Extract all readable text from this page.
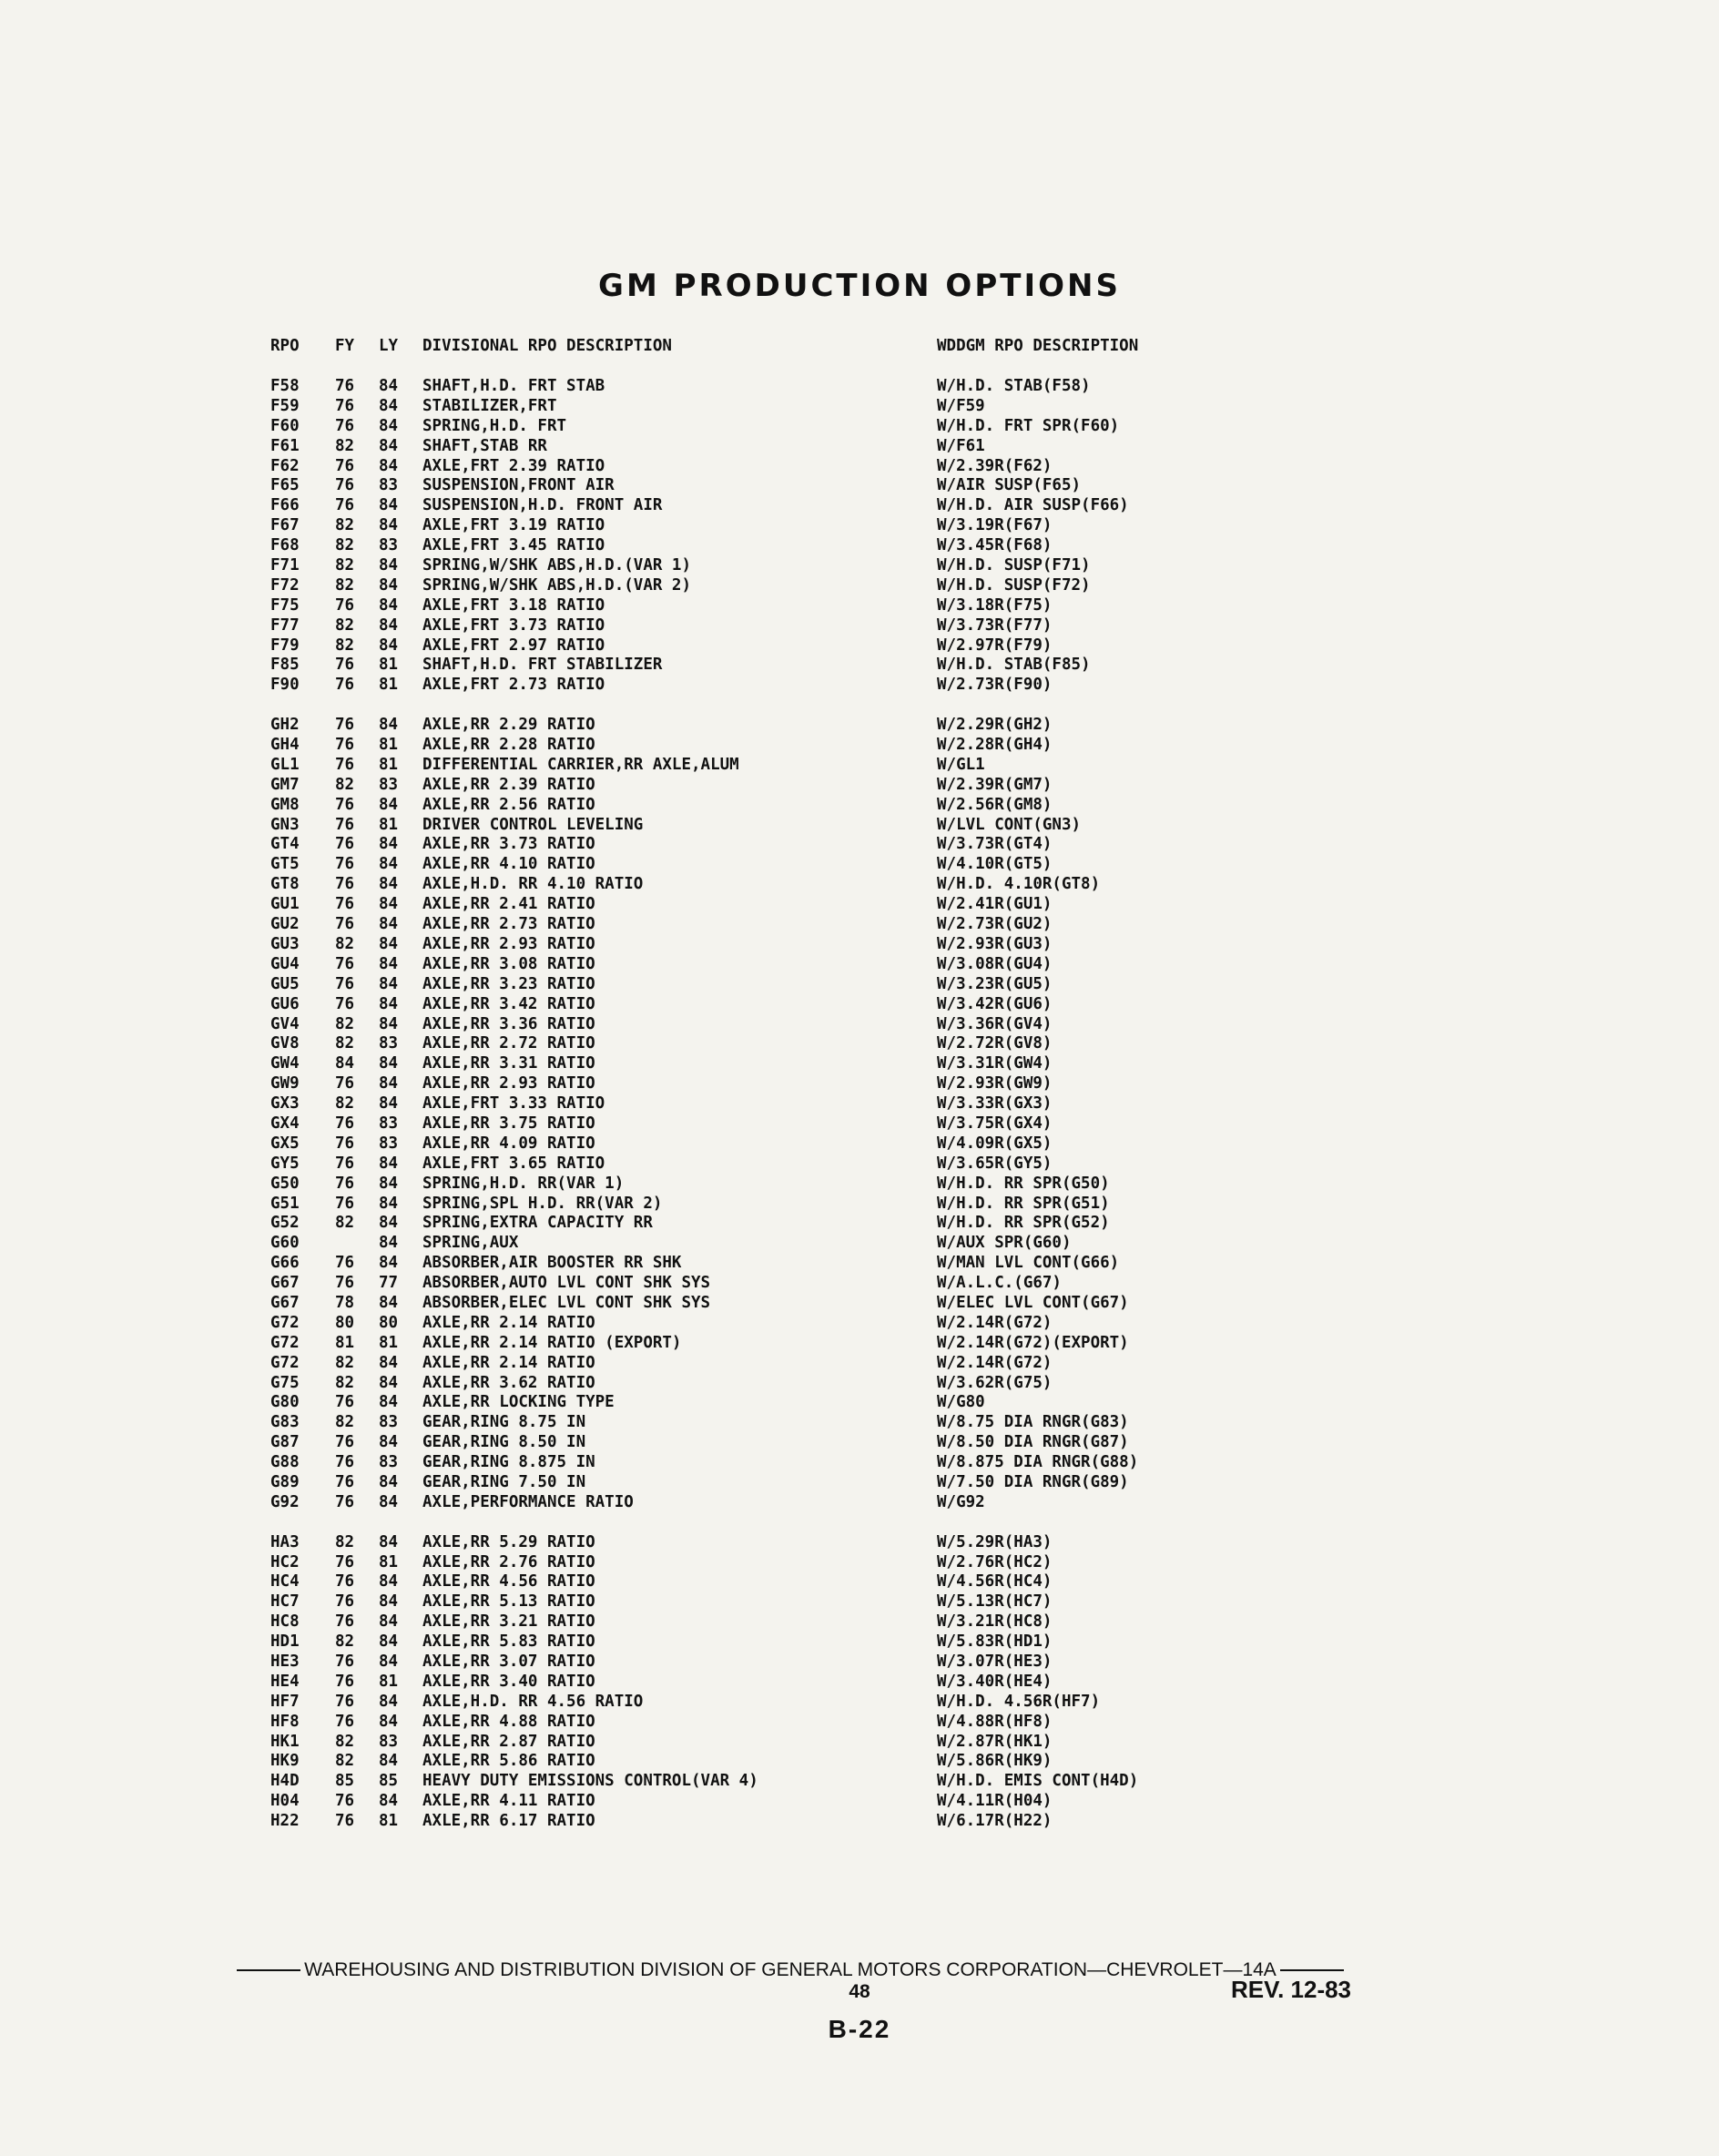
GM PRODUCTION OPTIONS
RPO FY LY DIVISIONAL RPO DESCRIPTION	WDDGM RPO DESCRIPTION
F58 76 84 SHAFT,H.D. FRT STAB	W/H.D. STAB(F58)
F59 76 84 STABILIZER,FRT	W/F59
F60 76 84 SPRING,H.D. FRT	W/H.D. FRT SPR(F60)
F61 82 84 SHAFT,STAB RR	W/F61
F62 76 84 AXLE,FRT 2.39 RATIO	W/2.39R(F62)
F65 76 83 SUSPENSION,FRONT AIR	W/AIR SUSP(F65)
F66 76 84 SUSPENSION,H.D. FRONT AIR	W/H.D. AIR SUSP(F66)
F67 82 84 AXLE,FRT 3.19 RATIO	W/3.19R(F67)
F68 82 83 AXLE,FRT 3.45 RATIO	W/3.45R(F68)
F71 82 84 SPRING,W/SHK ABS,H.D.(VAR 1)	W/H.D. SUSP(F71)
F72 82 84 SPRING,W/SHK ABS,H.D.(VAR 2)	W/H.D. SUSP(F72)
F75 76 84 AXLE,FRT 3.18 RATIO	W/3.18R(F75)
F77 82 84 AXLE,FRT 3.73 RATIO	W/3.73R(F77)
F79 82 84 AXLE,FRT 2.97 RATIO	W/2.97R(F79)
F85 76 81 SHAFT,H.D. FRT STABILIZER	W/H.D. STAB(F85)
F90 76 81 AXLE,FRT 2.73 RATIO	W/2.73R(F90)
GH2 76 84 AXLE,RR 2.29 RATIO	W/2.29R(GH2)
GH4 76 81 AXLE,RR 2.28 RATIO	W/2.28R(GH4)
GL1 76 81 DIFFERENTIAL CARRIER,RR AXLE,ALUM	W/GL1
GM7 82 83 AXLE,RR 2.39 RATIO	W/2.39R(GM7)
GM8 76 84 AXLE,RR 2.56 RATIO	W/2.56R(GM8)
GN3 76 81 DRIVER CONTROL LEVELING	W/LVL CONT(GN3)
GT4 76 84 AXLE,RR 3.73 RATIO	W/3.73R(GT4)
GT5 76 84 AXLE,RR 4.10 RATIO	W/4.10R(GT5)
GT8 76 84 AXLE,H.D. RR 4.10 RATIO	W/H.D. 4.10R(GT8)
GU1 76 84 AXLE,RR 2.41 RATIO	W/2.41R(GU1)
GU2 76 84 AXLE,RR 2.73 RATIO	W/2.73R(GU2)
GU3 82 84 AXLE,RR 2.93 RATIO	W/2.93R(GU3)
GU4 76 84 AXLE,RR 3.08 RATIO	W/3.08R(GU4)
GU5 76 84 AXLE,RR 3.23 RATIO	W/3.23R(GU5)
GU6 76 84 AXLE,RR 3.42 RATIO	W/3.42R(GU6)
GV4 82 84 AXLE,RR 3.36 RATIO	W/3.36R(GV4)
GV8 82 83 AXLE,RR 2.72 RATIO	W/2.72R(GV8)
GW4 84 84 AXLE,RR 3.31 RATIO	W/3.31R(GW4)
GW9 76 84 AXLE,RR 2.93 RATIO	W/2.93R(GW9)
GX3 82 84 AXLE,FRT 3.33 RATIO	W/3.33R(GX3)
GX4 76 83 AXLE,RR 3.75 RATIO	W/3.75R(GX4)
GX5 76 83 AXLE,RR 4.09 RATIO	W/4.09R(GX5)
GY5 76 84 AXLE,FRT 3.65 RATIO	W/3.65R(GY5)
G50 76 84 SPRING,H.D. RR(VAR 1)	W/H.D. RR SPR(G50)
G51 76 84 SPRING,SPL H.D. RR(VAR 2)	W/H.D. RR SPR(G51)
G52 82 84 SPRING,EXTRA CAPACITY RR	W/H.D. RR SPR(G52)
G60	84 SPRING,AUX	W/AUX SPR(G60)
G66 76 84 ABSORBER,AIR BOOSTER RR SHK	W/MAN LVL CONT(G66)
G67 76 77 ABSORBER,AUTO LVL CONT SHK SYS	W/A.L.C.(G67)
G67 78 84 ABSORBER,ELEC LVL CONT SHK SYS	W/ELEC LVL CONT(G67)
G72 80 80 AXLE,RR 2.14 RATIO	W/2.14R(G72)
G72 81 81 AXLE,RR 2.14 RATIO (EXPORT)	W/2.14R(G72)(EXPORT)
G72 82 84 AXLE,RR 2.14 RATIO	W/2.14R(G72)
G75 82 84 AXLE,RR 3.62 RATIO	W/3.62R(G75)
G80 76 84 AXLE,RR LOCKING TYPE	W/G80
G83 82 83 GEAR,RING 8.75 IN	W/8.75 DIA RNGR(G83)
G87 76 84 GEAR,RING 8.50 IN	W/8.50 DIA RNGR(G87)
G88 76 83 GEAR,RING 8.875 IN	W/8.875 DIA RNGR(G88)
G89 76 84 GEAR,RING 7.50 IN	W/7.50 DIA RNGR(G89)
G92 76 84 AXLE,PERFORMANCE RATIO	W/G92
HA3 82 84 AXLE,RR 5.29 RATIO	W/5.29R(HA3)
HC2 76 81 AXLE,RR 2.76 RATIO	W/2.76R(HC2)
HC4 76 84 AXLE,RR 4.56 RATIO	W/4.56R(HC4)
HC7 76 84 AXLE,RR 5.13 RATIO	W/5.13R(HC7)
HC8 76 84 AXLE,RR 3.21 RATIO	W/3.21R(HC8)
HD1 82 84 AXLE,RR 5.83 RATIO	W/5.83R(HD1)
HE3 76 84 AXLE,RR 3.07 RATIO	W/3.07R(HE3)
HE4 76 81 AXLE,RR 3.40 RATIO	W/3.40R(HE4)
HF7 76 84 AXLE,H.D. RR 4.56 RATIO	W/H.D. 4.56R(HF7)
HF8 76 84 AXLE,RR 4.88 RATIO	W/4.88R(HF8)
HK1 82 83 AXLE,RR 2.87 RATIO	W/2.87R(HK1)
HK9 82 84 AXLE,RR 5.86 RATIO	W/5.86R(HK9)
H4D 85 85 HEAVY DUTY EMISSIONS CONTROL(VAR 4)	W/H.D. EMIS CONT(H4D)
H04 76 84 AXLE,RR 4.11 RATIO	W/4.11R(H04)
H22 76 81 AXLE,RR 6.17 RATIO	W/6.17R(H22)
WAREHOUSING AND DISTRIBUTION DIVISION OF GENERAL MOTORS CORPORATION—CHEVROLET—14A
48	REV. 12-83
B-22
